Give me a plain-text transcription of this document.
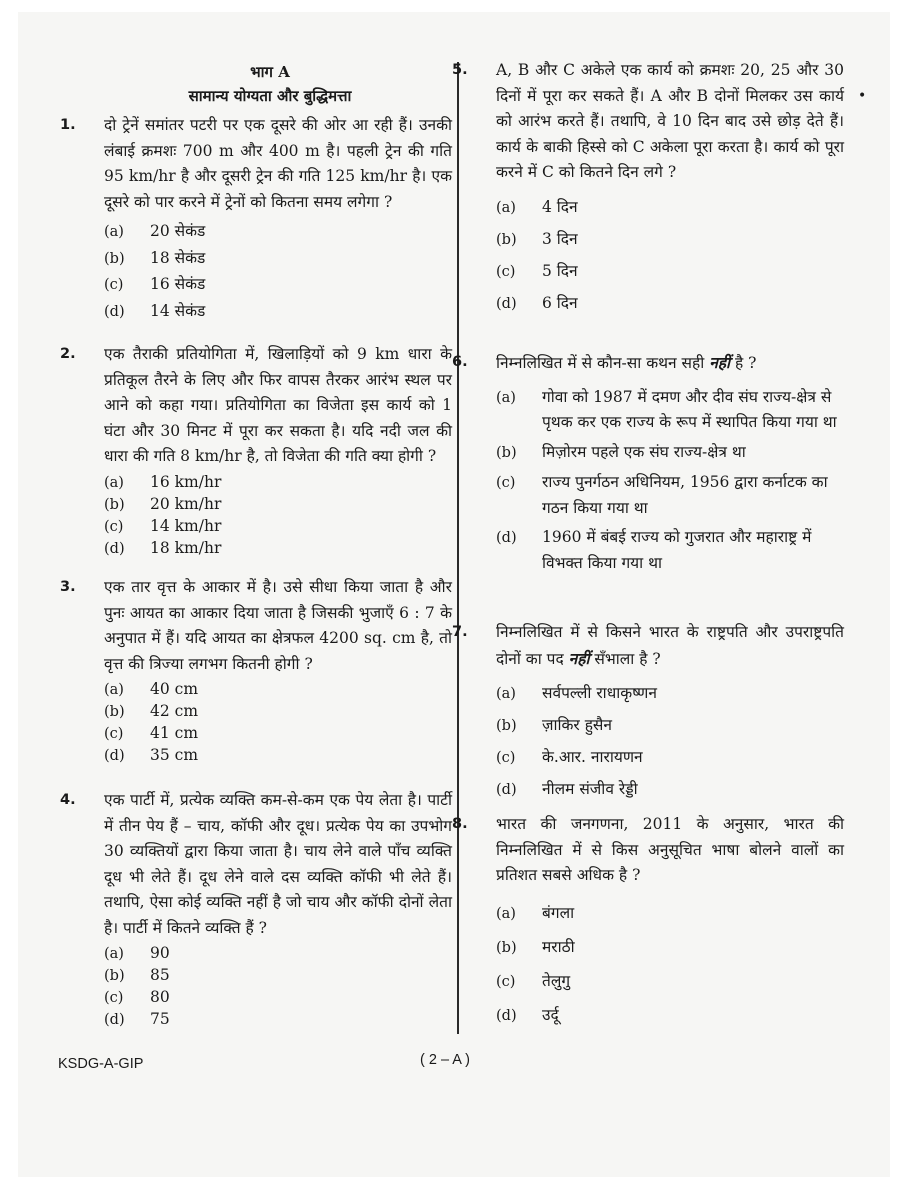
भाग A
सामान्य योग्यता और बुद्धिमत्ता	•
1. दो ट्रेनें समांतर पटरी पर एक दूसरे की ओर आ रही हैं। उनकी लंबाई क्रमशः 700 m और 400 m है। पहली ट्रेन की गति 95 km/hr है और दूसरी ट्रेन की गति 125 km/hr है। एक दूसरे को पार करने में ट्रेनों को कितना समय लगेगा ?
(a)	20 सेकंड
(b)	18 सेकंड
(c)	16 सेकंड
(d)	14 सेकंड
2. एक तैराकी प्रतियोगिता में, खिलाड़ियों को 9 km धारा के प्रतिकूल तैरने के लिए और फिर वापस तैरकर आरंभ स्थल पर आने को कहा गया। प्रतियोगिता का विजेता इस कार्य को 1 घंटा और 30 मिनट में पूरा कर सकता है। यदि नदी जल की धारा की गति 8 km/hr है, तो विजेता की गति क्या होगी ?
(a)	16 km/hr
(b)	20 km/hr
(c)	14 km/hr
(d)	18 km/hr
3. एक तार वृत्त के आकार में है। उसे सीधा किया जाता है और पुनः आयत का आकार दिया जाता है जिसकी भुजाएँ 6 : 7 के अनुपात में हैं। यदि आयत का क्षेत्रफल 4200 sq. cm है, तो वृत्त की त्रिज्या लगभग कितनी होगी ?
(a)	40 cm
(b)	42 cm
(c)	41 cm
(d)	35 cm
4. एक पार्टी में, प्रत्येक व्यक्ति कम-से-कम एक पेय लेता है। पार्टी में तीन पेय हैं – चाय, कॉफी और दूध। प्रत्येक पेय का उपभोग 30 व्यक्तियों द्वारा किया जाता है। चाय लेने वाले पाँच व्यक्ति दूध भी लेते हैं। दूध लेने वाले दस व्यक्ति कॉफी भी लेते हैं। तथापि, ऐसा कोई व्यक्ति नहीं है जो चाय और कॉफी दोनों लेता है। पार्टी में कितने व्यक्ति हैं ?
(a)	90
(b)	85
(c)	80
(d)	75
5. A, B और C अकेले एक कार्य को क्रमशः 20, 25 और 30 दिनों में पूरा कर सकते हैं। A और B दोनों मिलकर उस कार्य को आरंभ करते हैं। तथापि, वे 10 दिन बाद उसे छोड़ देते हैं। कार्य के बाकी हिस्से को C अकेला पूरा करता है। कार्य को पूरा करने में C को कितने दिन लगे ?
(a)	4 दिन
(b)	3 दिन
(c)	5 दिन
(d)	6 दिन
6. निम्नलिखित में से कौन-सा कथन सही नहीं है ?
(a)	गोवा को 1987 में दमण और दीव संघ राज्य-क्षेत्र से पृथक कर एक राज्य के रूप में स्थापित किया गया था
(b)	मिज़ोरम पहले एक संघ राज्य-क्षेत्र था
(c)	राज्य पुनर्गठन अधिनियम, 1956 द्वारा कर्नाटक का गठन किया गया था
(d)	1960 में बंबई राज्य को गुजरात और महाराष्ट्र में विभक्त किया गया था
7. निम्नलिखित में से किसने भारत के राष्ट्रपति और उपराष्ट्रपति दोनों का पद नहीं सँभाला है ?
(a)	सर्वपल्ली राधाकृष्णन
(b)	ज़ाकिर हुसैन
(c)	के.आर. नारायणन
(d)	नीलम संजीव रेड्डी
8. भारत की जनगणना, 2011 के अनुसार, भारत की निम्नलिखित में से किस अनुसूचित भाषा बोलने वालों का प्रतिशत सबसे अधिक है ?
(a)	बंगला
(b)	मराठी
(c)	तेलुगु
(d)	उर्दू
KSDG-A-GIP	( 2 – A )
